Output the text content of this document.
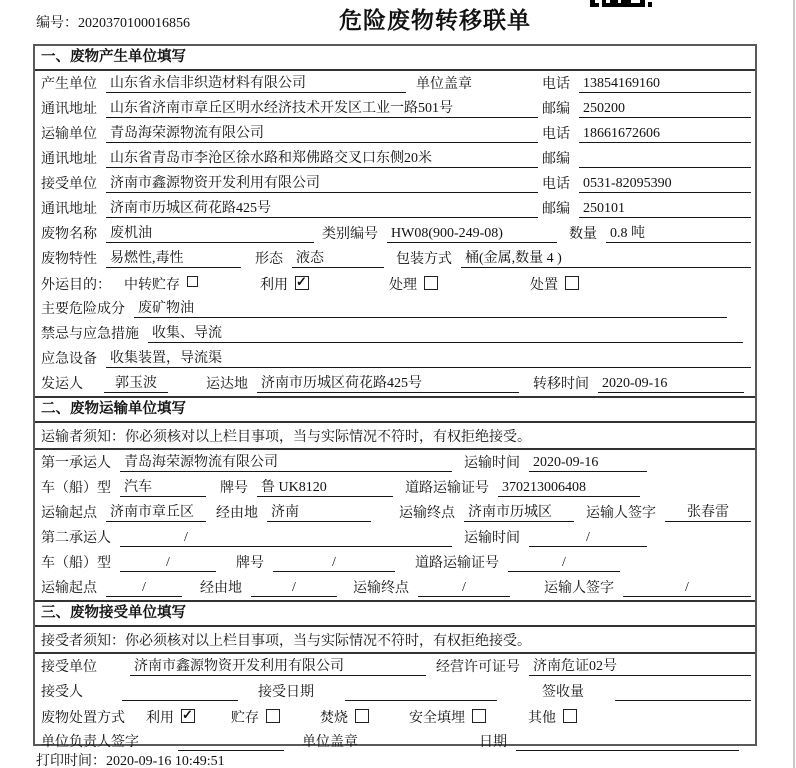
编号：2020370100016856	危险废物转移联单
一、废物产生单位填写
产生单位 山东省永信非织造材料有限公司	单位盖章	电话 13854169160
通讯地址 山东省济南市章丘区明水经济技术开发区工业一路501号	邮编 250200
运输单位 青岛海荣源物流有限公司	电话 18661672606
通讯地址 山东省青岛市李沧区徐水路和郑佛路交叉口东侧20米	邮编
接受单位 济南市鑫源物资开发利用有限公司	电话 0531-82095390
通讯地址 济南市历城区荷花路425号	邮编 250101
废物名称 废机油	类别编号 HW08(900-249-08)	数量 0.8 吨
废物特性 易燃性,毒性	形态 液态	包装方式 桶(金属,数量 4 )
外运目的： 中转贮存	利用 ✓	处理	处置
主要危险成分 废矿物油
禁忌与应急措施 收集、导流
应急设备 收集装置，导流渠
发运人	郭玉波	运达地 济南市历城区荷花路425号	转移时间 2020-09-16
二、废物运输单位填写
运输者须知：你必须核对以上栏目事项，当与实际情况不符时，有权拒绝接受。
第一承运人 青岛海荣源物流有限公司	运输时间 2020-09-16
车（船）型 汽车	牌号 鲁 UK8120	道路运输证号 370213006408
运输起点 济南市章丘区	经由地 济南	运输终点 济南市历城区	运输人签字	张春雷
第二承运人	/	运输时间	/
车（船）型	/	牌号	/	道路运输证号	/
运输起点	/	经由地	/	运输终点	/	运输人签字	/
三、废物接受单位填写
接受者须知：你必须核对以上栏目事项，当与实际情况不符时，有权拒绝接受。
接受单位	济南市鑫源物资开发利用有限公司	经营许可证号 济南危证02号
接受人	接受日期	签收量
废物处置方式 利用 ✓	贮存	焚烧	安全填埋	其他
单位负责人签字	单位盖章	日期
打印时间：2020-09-16 10:49:51
